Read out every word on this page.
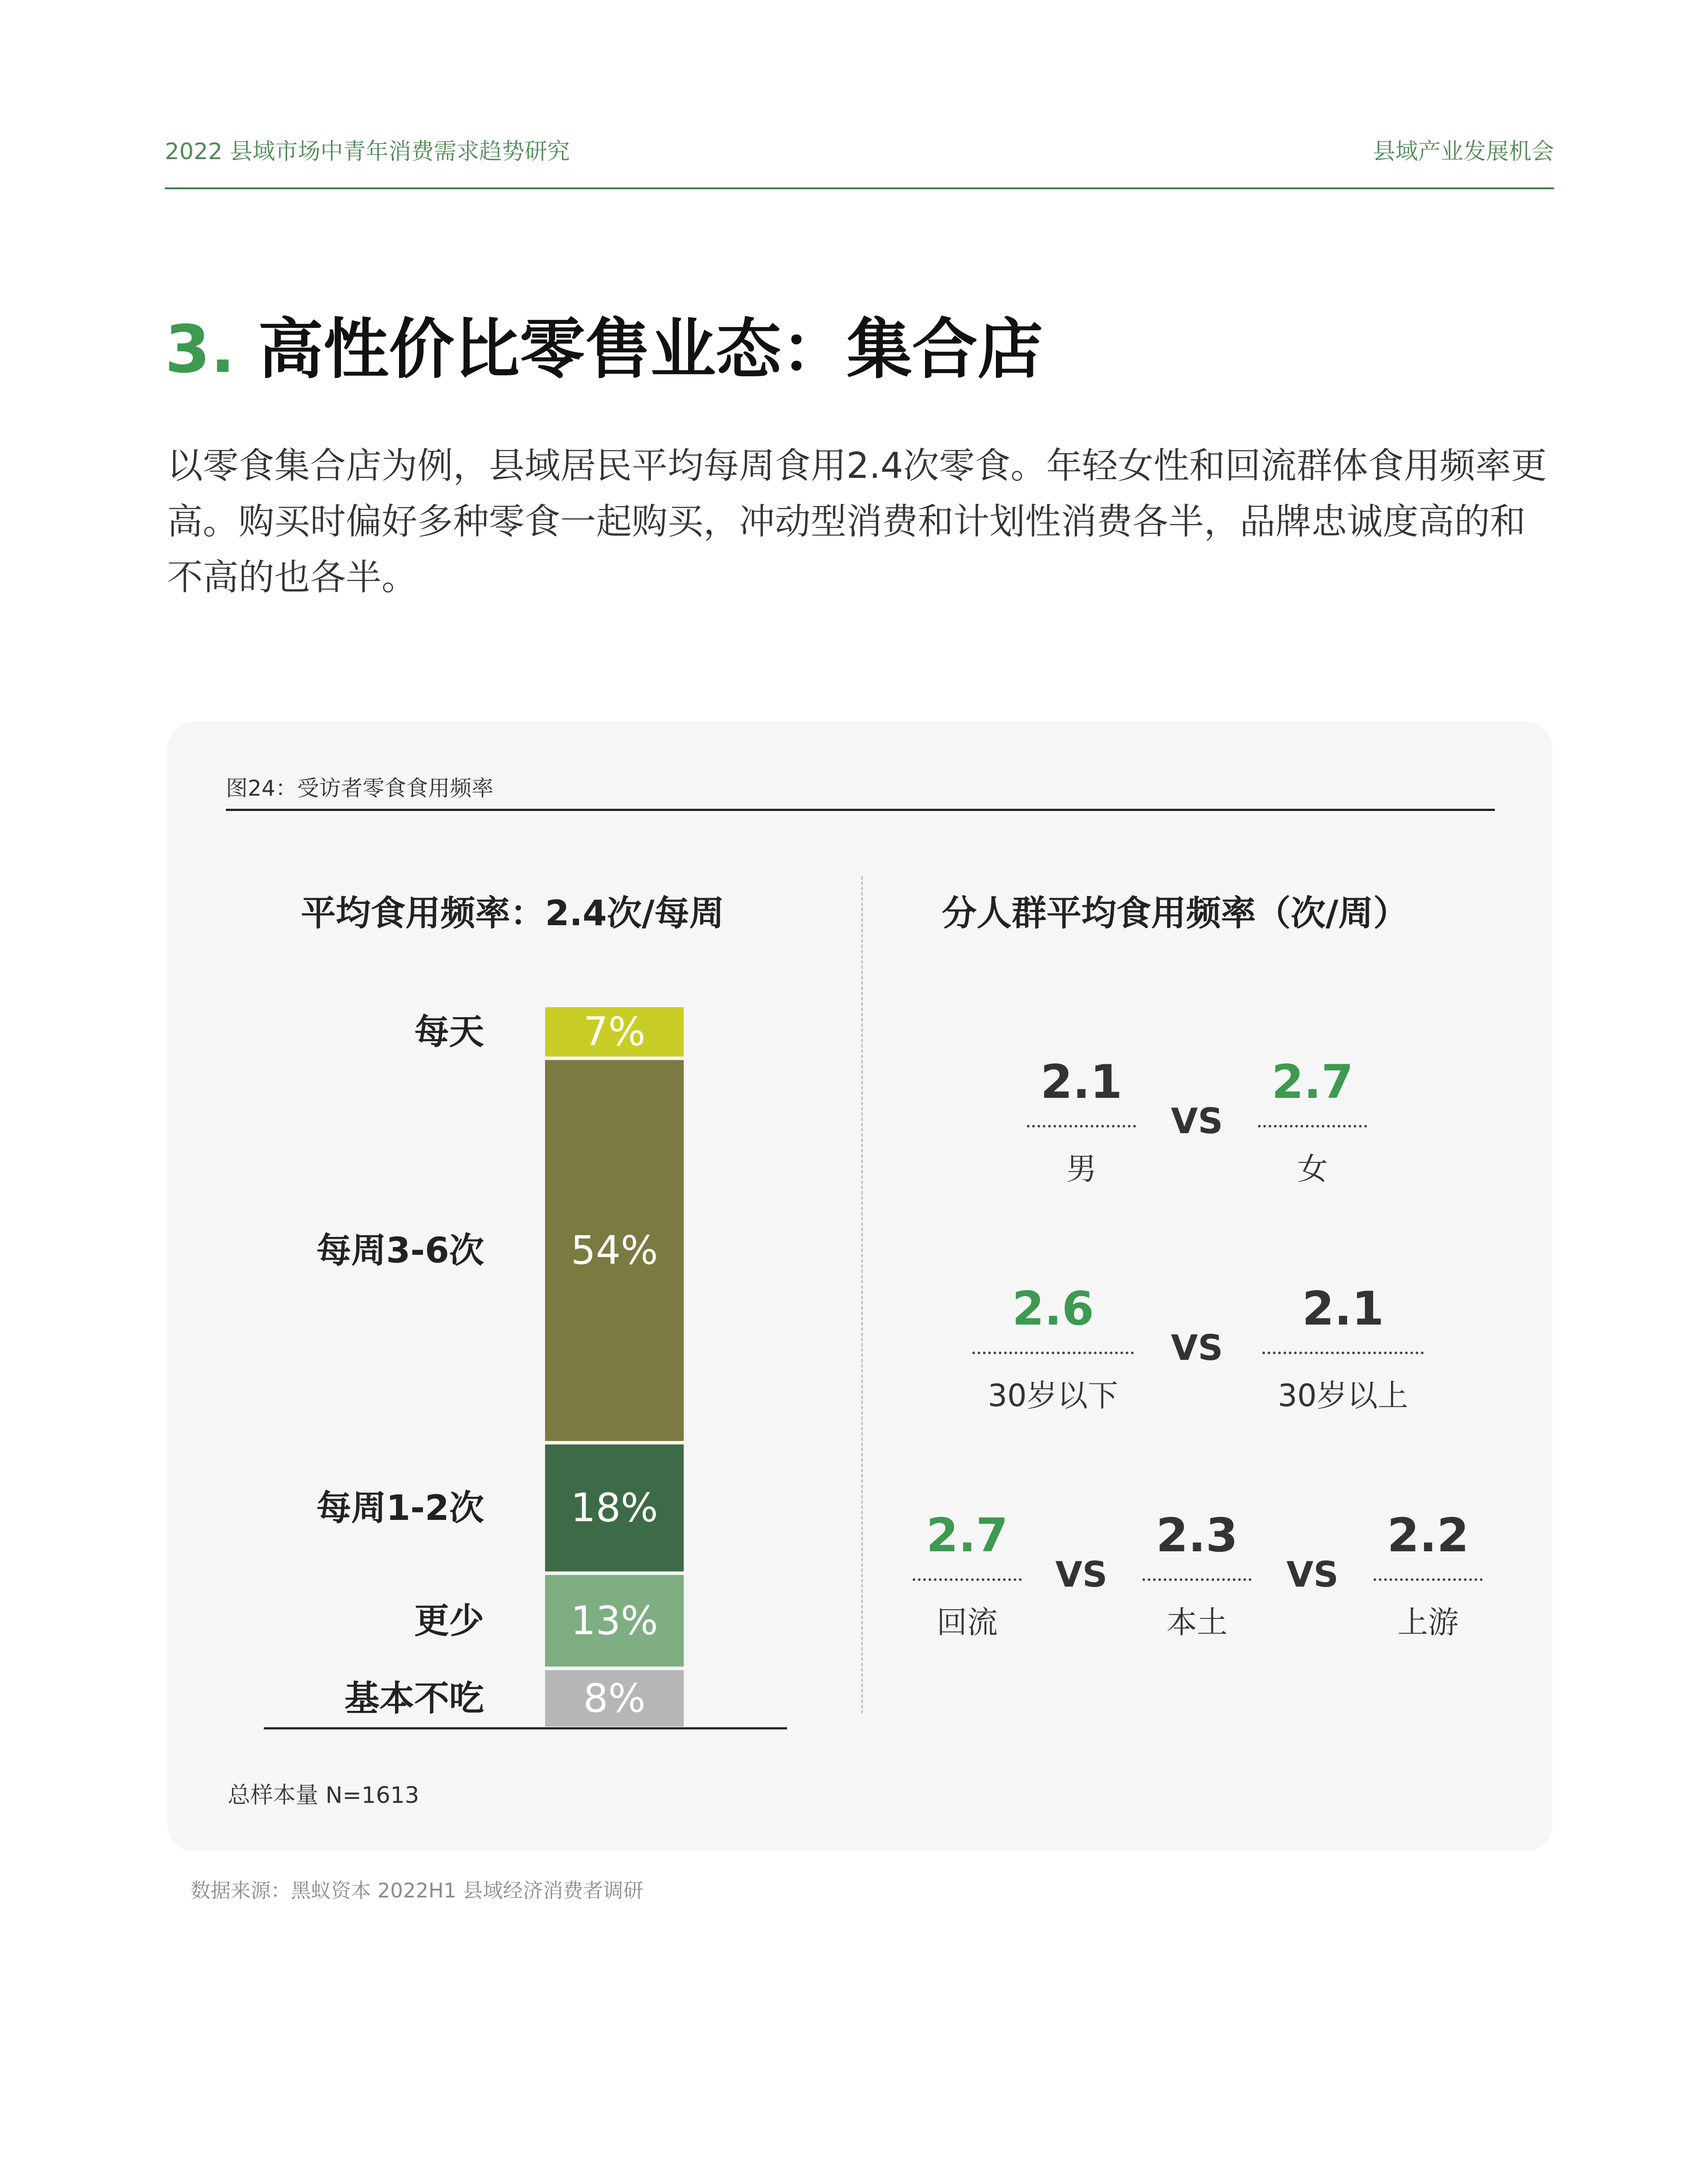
2022 县域市场中青年消费需求趋势研究	县域产业发展机会
3. 高性价比零售业态：集合店
以零食集合店为例，县域居民平均每周食用2.4次零食。年轻女性和回流群体食用频率更高。购买时偏好多种零食一起购买，冲动型消费和计划性消费各半，品牌忠诚度高的和不高的也各半。
图24：受访者零食食用频率
平均食用频率：2.4次/每周	分人群平均食用频率（次/周）
7%
每天
54%
每周3-6次
18%
每周1-2次
13%
更少
8%
基本不吃
2.1
男
2.7
女
VS
2.6
30岁以下
2.1
30岁以上
VS
2.7
回流
2.3
本土
2.2
上游
VS	VS
总样本量 N=1613
数据来源：黑蚁资本 2022H1 县域经济消费者调研
